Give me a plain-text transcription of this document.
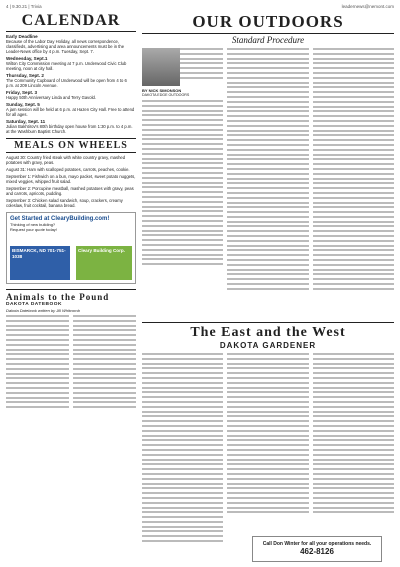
4 | 9.30.21 | Trivia	leadernews@nemont.com
CALENDAR
Early Deadline
Because of the Labor Day Holiday, all news correspondence, classifieds, advertising and area announcements must be in the Leader-News office by 4 p.m. Tuesday, Sept. 7.
Wednesday, Sept.1
Wilton City Commission meeting at 7 p.m. Underwood Civic Club meeting, noon at city hall.
Thursday, Sept. 2
The Community Cupboard of Underwood will be open from 4 to 6 p.m. at 209 Lincoln Avenue.
Friday, Sept. 3
Happy 50th Anniversary Linda and Terry Gavold.
Sunday, Sept. 5
A jam session will be held at 6 p.m. at Hazen City Hall. Free to attend for all ages.
Saturday, Sept. 11
Julian Bakhtirov's 80th birthday open house from 1:30 p.m. to 4 p.m. at the Washburn Baptist Church.
MEALS ON WHEELS
August 30: Country fried steak with white country gravy, mashed potatoes with gravy, peas.
August 31: Ham with scalloped potatoes, carrots, peaches, cookie.
September 1: Fishwich on a bun, mayo packet, sweet potato nuggets, mixed veggies, whipped fruit salad.
September 2: Porcupine meatball, mashed potatoes with gravy, peas and carrots, apricots, pudding.
September 3: Chicken salad sandwich, soup, crackers, creamy coleslaw, fruit cocktail, banana bread.
Get Started at ClearyBuilding.com!
Thinking of new building?
Request your quote today!
BISMARCK, ND 701-751-1038
Cleary Building Corp.
Animals to the Pound
DAKOTA DATEBOOK
Dakota Datebook written by Jill Whitcomb
OUR OUTDOORS
Standard Procedure
BY NICK SIMONSON
DAKOTA EDGE OUTDOORS
The East and the West
DAKOTA GARDENER
Call Don Winter for all your operations needs.
462-8126
